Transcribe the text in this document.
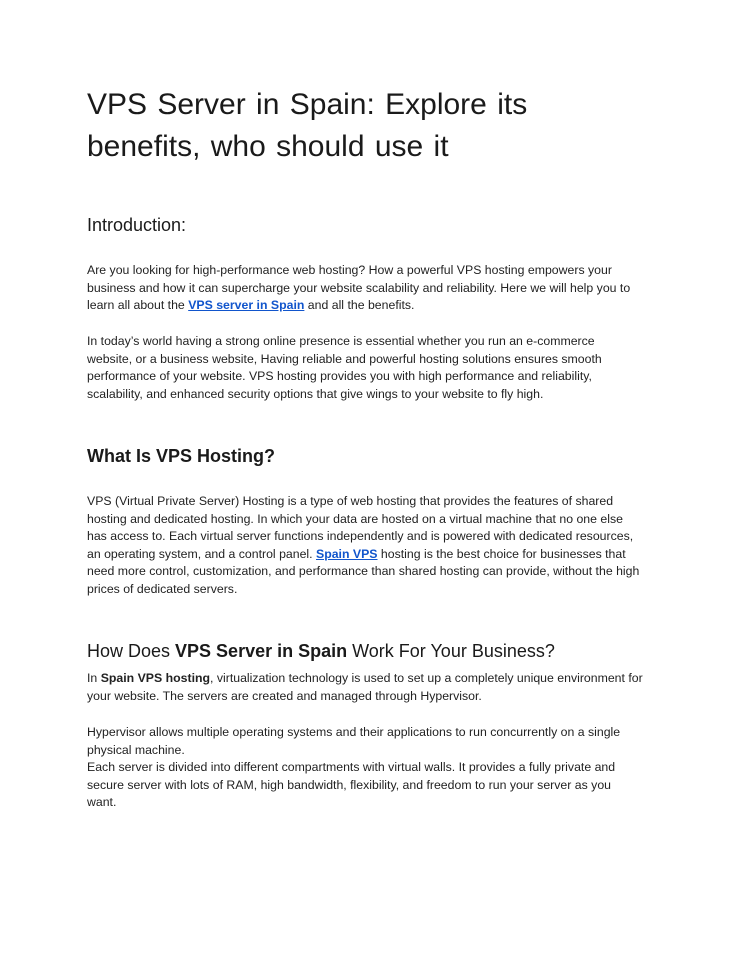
VPS Server in Spain: Explore its benefits, who should use it
Introduction:

Are you looking for high-performance web hosting? How a powerful VPS hosting empowers your business and how it can supercharge your website scalability and reliability. Here we will help you to learn all about the VPS server in Spain and all the benefits.

In today’s world having a strong online presence is essential whether you run an e-commerce website, or a business website, Having reliable and powerful hosting solutions ensures smooth performance of your website. VPS hosting provides you with high performance and reliability, scalability, and enhanced security options that give wings to your website to fly high.

What Is VPS Hosting?

VPS (Virtual Private Server) Hosting is a type of web hosting that provides the features of shared hosting and dedicated hosting. In which your data are hosted on a virtual machine that no one else has access to. Each virtual server functions independently and is powered with dedicated resources, an operating system, and a control panel. Spain VPS hosting is the best choice for businesses that need more control, customization, and performance than shared hosting can provide, without the high prices of dedicated servers.

How Does VPS Server in Spain Work For Your Business?

In Spain VPS hosting, virtualization technology is used to set up a completely unique environment for your website. The servers are created and managed through Hypervisor.

Hypervisor allows multiple operating systems and their applications to run concurrently on a single physical machine.

Each server is divided into different compartments with virtual walls. It provides a fully private and secure server with lots of RAM, high bandwidth, flexibility, and freedom to run your server as you want.
